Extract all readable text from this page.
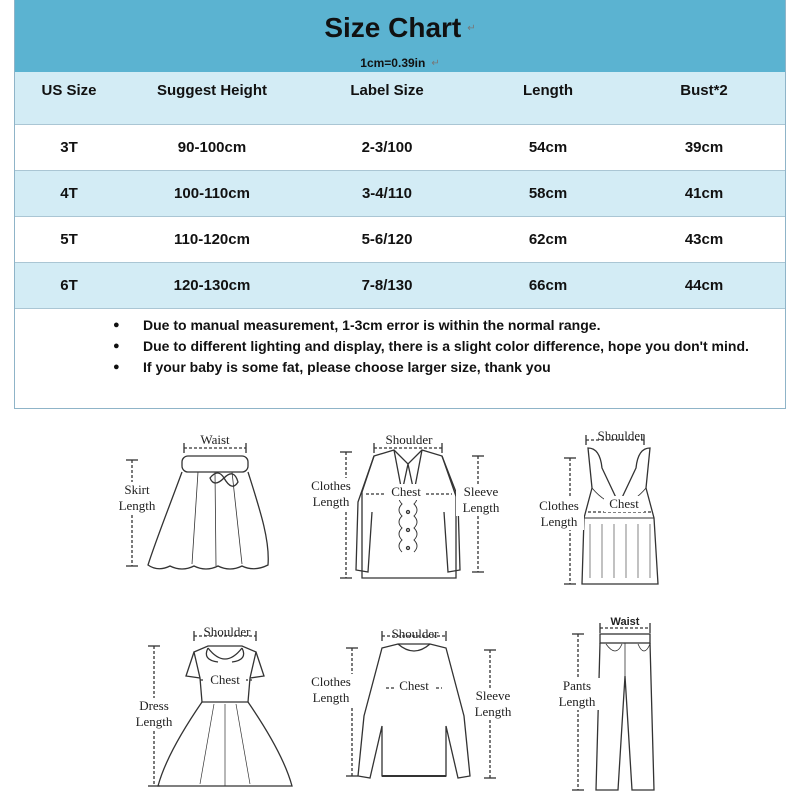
Size Chart ↵
1cm=0.39in ↵
US Size	Suggest Height	Label Size	Length	Bust*2
3T	90-100cm	2-3/100	54cm	39cm
4T	100-110cm	3-4/110	58cm	41cm
5T	110-120cm	5-6/120	62cm	43cm
6T	120-130cm	7-8/130	66cm	44cm
● Due to manual measurement, 1-3cm error is within the normal range.
● Due to different lighting and display, there is a slight color difference, hope you don't mind.
● If your baby is some fat, please choose larger size, thank you
Waist
Skirt
Length
Shoulder
Chest
Clothes
Length
Sleeve
Length
Shoulder
Chest
Clothes
Length
Shoulder
Chest
Dress
Length
Shoulder
Chest
Clothes
Length	Sleeve
Length
Waist
Pants
Length
